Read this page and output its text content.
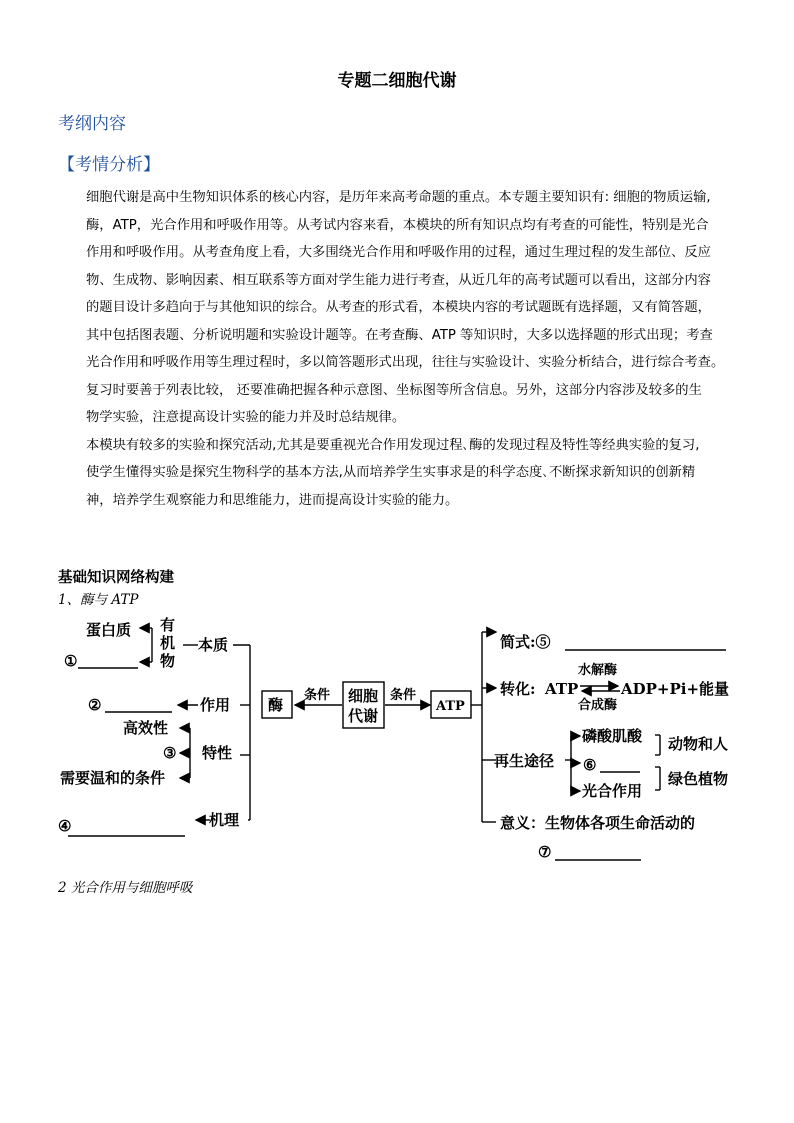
专题二细胞代谢
考纲内容
【考情分析】
细胞代谢是高中生物知识体系的核心内容，是历年来高考命题的重点。本专题主要知识有: 细胞的物质运输,
酶，ATP，光合作用和呼吸作用等。从考试内容来看，本模块的所有知识点均有考查的可能性，特别是光合
作用和呼吸作用。从考查角度上看，大多围绕光合作用和呼吸作用的过程，通过生理过程的发生部位、反应
物、生成物、影响因素、相互联系等方面对学生能力进行考查，从近几年的高考试题可以看出，这部分内容
的题目设计多趋向于与其他知识的综合。从考查的形式看，本模块内容的考试题既有选择题，又有简答题，
其中包括图表题、分析说明题和实验设计题等。在考查酶、ATP 等知识时，大多以选择题的形式出现；考查
光合作用和呼吸作用等生理过程时，多以简答题形式出现，往往与实验设计、实验分析结合，进行综合考查。
复习时要善于列表比较， 还要准确把握各种示意图、坐标图等所含信息。另外，这部分内容涉及较多的生
物学实验，注意提高设计实验的能力并及时总结规律。
本模块有较多的实验和探究活动,尤其是要重视光合作用发现过程､酶的发现过程及特性等经典实验的复习,
使学生懂得实验是探究生物科学的基本方法,从而培养学生实事求是的科学态度､不断探求新知识的创新精
神，培养学生观察能力和思维能力，进而提高设计实验的能力。
基础知识网络构建
1、酶与 ATP
蛋白质 有
机
物
本质
①
②	作用
高效性
③ 特性
需要温和的条件
④	机理
酶
条件 细胞
代谢
条件
ATP
简式:⑤
转化:
水解酶
ATP	ADP+Pi+能量
合成酶
再生途径
磷酸肌酸
⑥
光合作用
动物和人
绿色植物
意义：生物体各项生命活动的
⑦
2 光合作用与细胞呼吸
